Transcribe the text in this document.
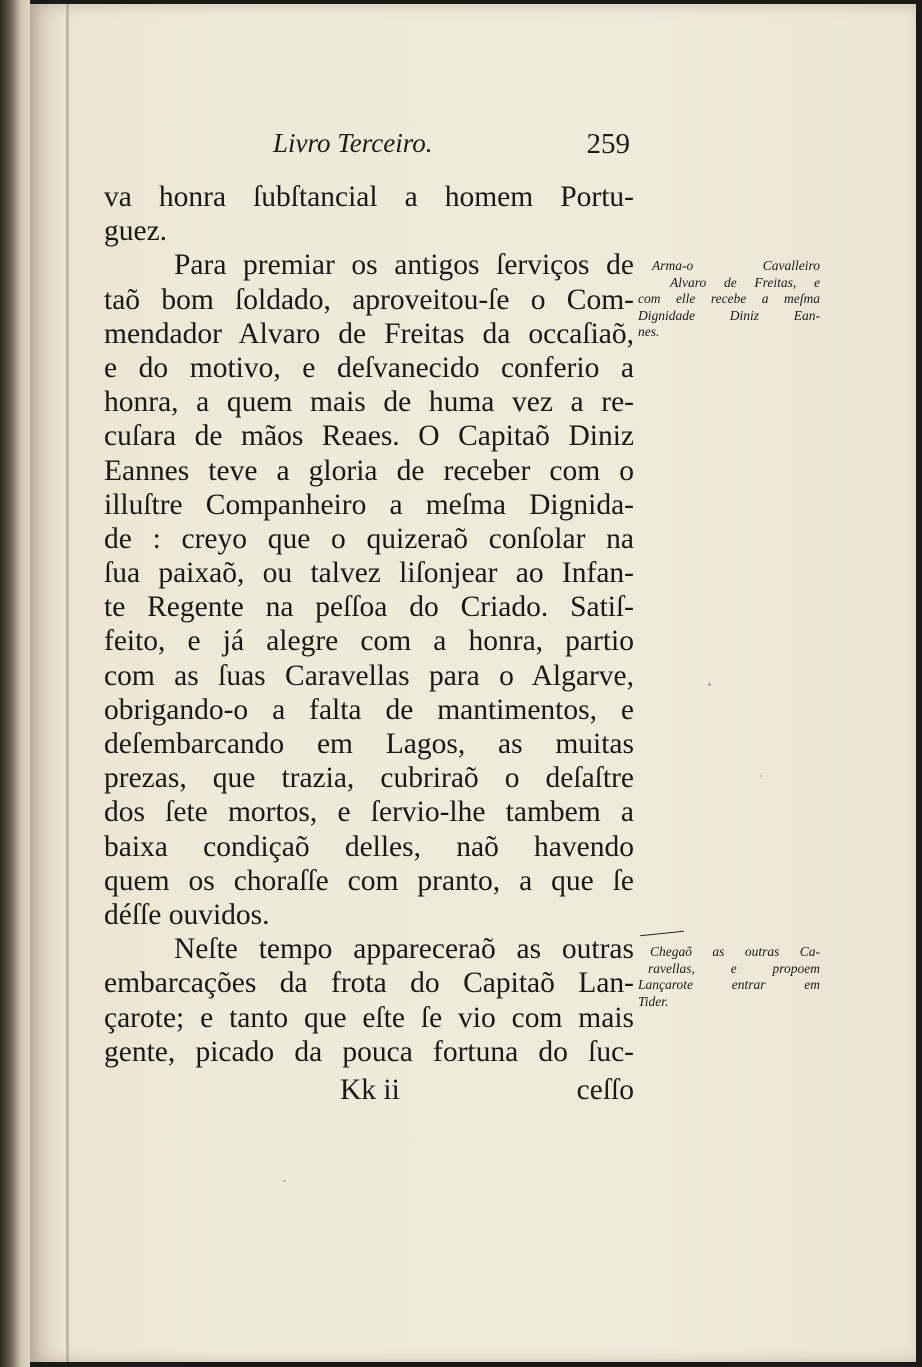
Livro Terceiro.	259
va honra ſubſtancial a homem Portu-
guez.
Para premiar os antigos ſerviços de
taõ bom ſoldado, aproveitou-ſe o Com-
mendador Alvaro de Freitas da occaſiaõ,
e do motivo, e deſvanecido conferio a
honra, a quem mais de huma vez a re-
cuſara de mãos Reaes. O Capitaõ Diniz
Eannes teve a gloria de receber com o
illuſtre Companheiro a meſma Dignida-
de : creyo que o quizeraõ conſolar na
ſua paixaõ, ou talvez liſonjear ao Infan-
te Regente na peſſoa do Criado. Satiſ-
feito, e já alegre com a honra, partio
com as ſuas Caravellas para o Algarve,
obrigando-o a falta de mantimentos, e
deſembarcando em Lagos, as muitas
prezas, que trazia, cubriraõ o deſaſtre
dos ſete mortos, e ſervio-lhe tambem a
baixa condiçaõ delles, naõ havendo
quem os choraſſe com pranto, a que ſe
déſſe ouvidos.
Neſte tempo appareceraõ as outras
embarcações da frota do Capitaõ Lan-
çarote; e tanto que eſte ſe vio com mais
gente, picado da pouca fortuna do ſuc-
Kk ii	ceſſo
Arma-o Cavalleiro
Alvaro de Freitas, e
com elle recebe a meſma
Dignidade Diniz Ean-
nes.
Chegaõ as outras Ca-
ravellas, e propoem
Lançarote entrar em
Tider.
